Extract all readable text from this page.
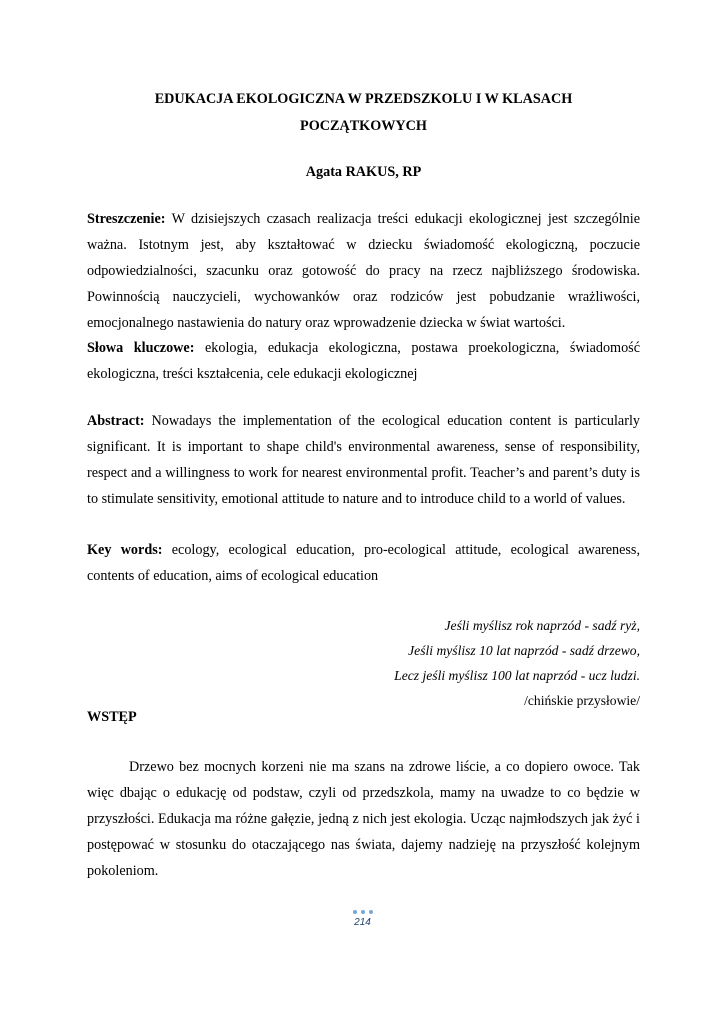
EDUKACJA EKOLOGICZNA W PRZEDSZKOLU I W KLASACH
POCZĄTKOWYCH
Agata RAKUS, RP

Streszczenie: W dzisiejszych czasach realizacja treści edukacji ekologicznej jest szczególnie ważna. Istotnym jest, aby kształtować w dziecku świadomość ekologiczną, poczucie odpowiedzialności, szacunku oraz gotowość do pracy na rzecz najbliższego środowiska. Powinnością nauczycieli, wychowanków oraz rodziców jest pobudzanie wrażliwości, emocjonalnego nastawienia do natury oraz wprowadzenie dziecka w świat wartości.

Słowa kluczowe: ekologia, edukacja ekologiczna, postawa proekologiczna, świadomość ekologiczna, treści kształcenia, cele edukacji ekologicznej

Abstract: Nowadays the implementation of the ecological education content is particularly significant. It is important to shape child's environmental awareness, sense of responsibility, respect and a willingness to work for nearest environmental profit. Teacher’s and parent’s duty is to stimulate sensitivity, emotional attitude to nature and to introduce child to a world of values.

Key words: ecology, ecological education, pro-ecological attitude, ecological awareness, contents of education, aims of ecological education

Jeśli myślisz rok naprzód - sadź ryż,
Jeśli myślisz 10 lat naprzód - sadź drzewo,
Lecz jeśli myślisz 100 lat naprzód - ucz ludzi.
/chińskie przysłowie/
WSTĘP

Drzewo bez mocnych korzeni nie ma szans na zdrowe liście, a co dopiero owoce. Tak więc dbając o edukację od podstaw, czyli od przedszkola, mamy na uwadze to co będzie w przyszłości. Edukacja ma różne gałęzie, jedną z nich jest ekologia. Ucząc najmłodszych jak żyć i postępować w stosunku do otaczającego nas świata, dajemy nadzieję na przyszłość kolejnym pokoleniom.

214
